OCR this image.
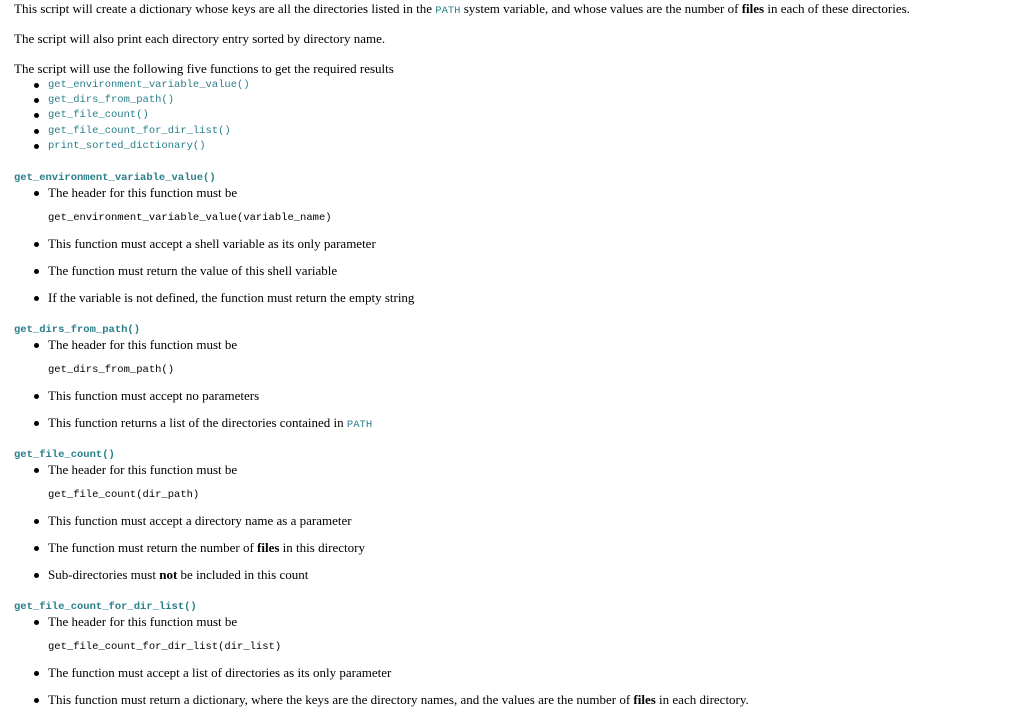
This script will create a dictionary whose keys are all the directories listed in the PATH system variable, and whose values are the number of files in each of these directories.
The script will also print each directory entry sorted by directory name.
The script will use the following five functions to get the required results
get_environment_variable_value()
get_dirs_from_path()
get_file_count()
get_file_count_for_dir_list()
print_sorted_dictionary()
get_environment_variable_value()
The header for this function must be
get_environment_variable_value(variable_name)
This function must accept a shell variable as its only parameter
The function must return the value of this shell variable
If the variable is not defined, the function must return the empty string
get_dirs_from_path()
The header for this function must be
get_dirs_from_path()
This function must accept no parameters
This function returns a list of the directories contained in PATH
get_file_count()
The header for this function must be
get_file_count(dir_path)
This function must accept a directory name as a parameter
The function must return the number of files in this directory
Sub-directories must not be included in this count
get_file_count_for_dir_list()
The header for this function must be
get_file_count_for_dir_list(dir_list)
The function must accept a list of directories as its only parameter
This function must return a dictionary, where the keys are the directory names, and the values are the number of files in each directory.
